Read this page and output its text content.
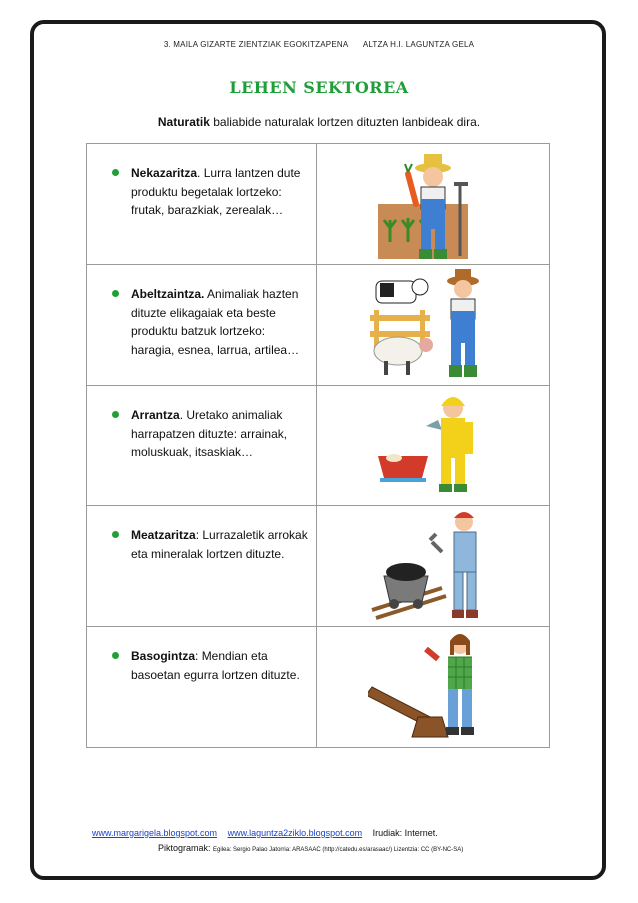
3. MAILA GIZARTE ZIENTZIAK EGOKITZAPENA ALTZA H.I. LAGUNTZA GELA
LEHEN SEKTOREA
Naturatik baliabide naturalak lortzen dituzten lanbideak dira.
Nekazaritza. Lurra lantzen dute produktu begetalak lortzeko: frutak, barazkiak, zerealak…

Abeltzaintza. Animaliak hazten dituzte elikagaiak eta beste produktu batzuk lortzeko: haragia, esnea, larrua, artilea…

Arrantza. Uretako animaliak harrapatzen dituzte: arrainak, moluskuak, itsaskiak…

Meatzaritza: Lurrazaletik arrokak eta mineralak lortzen dituzte.

Basogintza: Mendian eta basoetan egurra lortzen dituzte.

www.margarigela.blogspot.com www.laguntza2ziklo.blogspot.com Irudiak: Internet.
Piktogramak: Egilea: Sergio Palao Jatorria: ARASAAC (http://catedu.es/arasaac/) Lizentzia: CC (BY-NC-SA)
